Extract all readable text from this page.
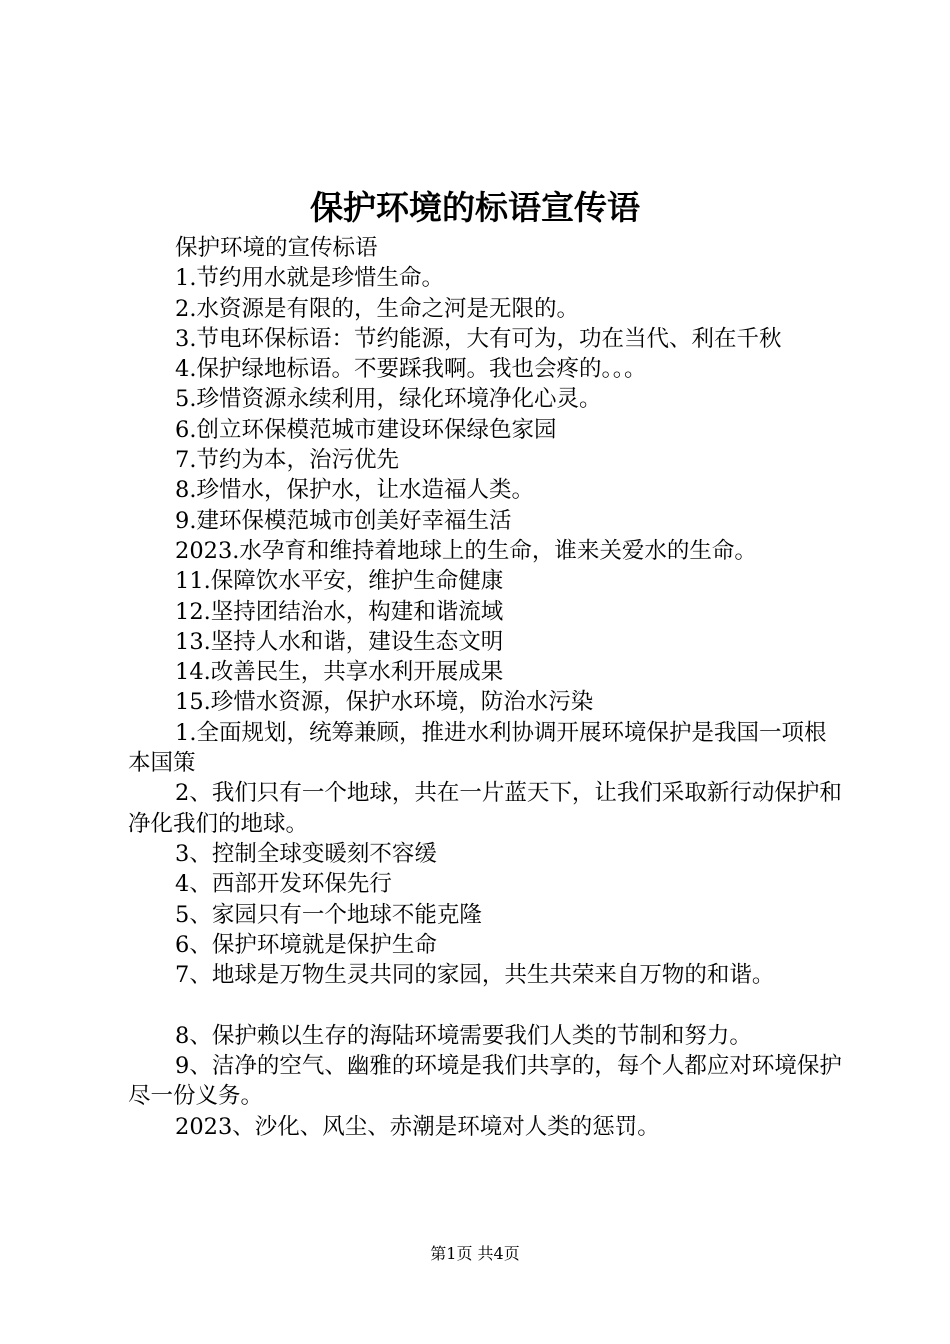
保护环境的标语宣传语

保护环境的宣传标语

1.节约用水就是珍惜生命。

2.水资源是有限的，生命之河是无限的。

3.节电环保标语：节约能源，大有可为，功在当代、利在千秋

4.保护绿地标语。不要踩我啊。我也会疼的。。。

5.珍惜资源永续利用，绿化环境净化心灵。

6.创立环保模范城市建设环保绿色家园

7.节约为本，治污优先

8.珍惜水，保护水，让水造福人类。

9.建环保模范城市创美好幸福生活

2023.水孕育和维持着地球上的生命，谁来关爱水的生命。

11.保障饮水平安，维护生命健康

12.坚持团结治水，构建和谐流域

13.坚持人水和谐，建设生态文明

14.改善民生，共享水利开展成果

15.珍惜水资源，保护水环境，防治水污染

1.全面规划，统筹兼顾，推进水利协调开展环境保护是我国一项根本国策

2、我们只有一个地球，共在一片蓝天下，让我们采取新行动保护和净化我们的地球。

3、控制全球变暖刻不容缓

4、西部开发环保先行

5、家园只有一个地球不能克隆

6、保护环境就是保护生命

7、地球是万物生灵共同的家园，共生共荣来自万物的和谐。

8、保护赖以生存的海陆环境需要我们人类的节制和努力。

9、洁净的空气、幽雅的环境是我们共享的，每个人都应对环境保护尽一份义务。

2023、沙化、风尘、赤潮是环境对人类的惩罚。

第1页 共4页
